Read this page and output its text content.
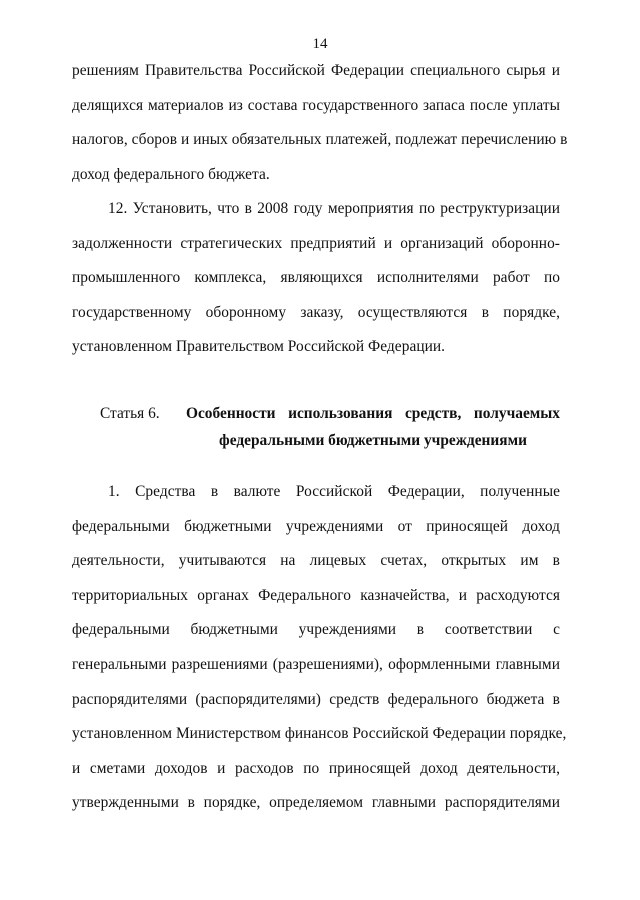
14
решениям Правительства Российской Федерации специального сырья и
делящихся материалов из состава государственного запаса после уплаты
налогов, сборов и иных обязательных платежей, подлежат перечислению в
доход федерального бюджета.
12. Установить, что в 2008 году мероприятия по реструктуризации
задолженности стратегических предприятий и организаций оборонно-
промышленного комплекса, являющихся исполнителями работ по
государственному оборонному заказу, осуществляются в порядке,
установленном Правительством Российской Федерации.
Статья 6. Особенности использования средств, получаемых
федеральными бюджетными учреждениями
1. Средства в валюте Российской Федерации, полученные
федеральными бюджетными учреждениями от приносящей доход
деятельности, учитываются на лицевых счетах, открытых им в
территориальных органах Федерального казначейства, и расходуются
федеральными бюджетными учреждениями в соответствии с
генеральными разрешениями (разрешениями), оформленными главными
распорядителями (распорядителями) средств федерального бюджета в
установленном Министерством финансов Российской Федерации порядке,
и сметами доходов и расходов по приносящей доход деятельности,
утвержденными в порядке, определяемом главными распорядителями
